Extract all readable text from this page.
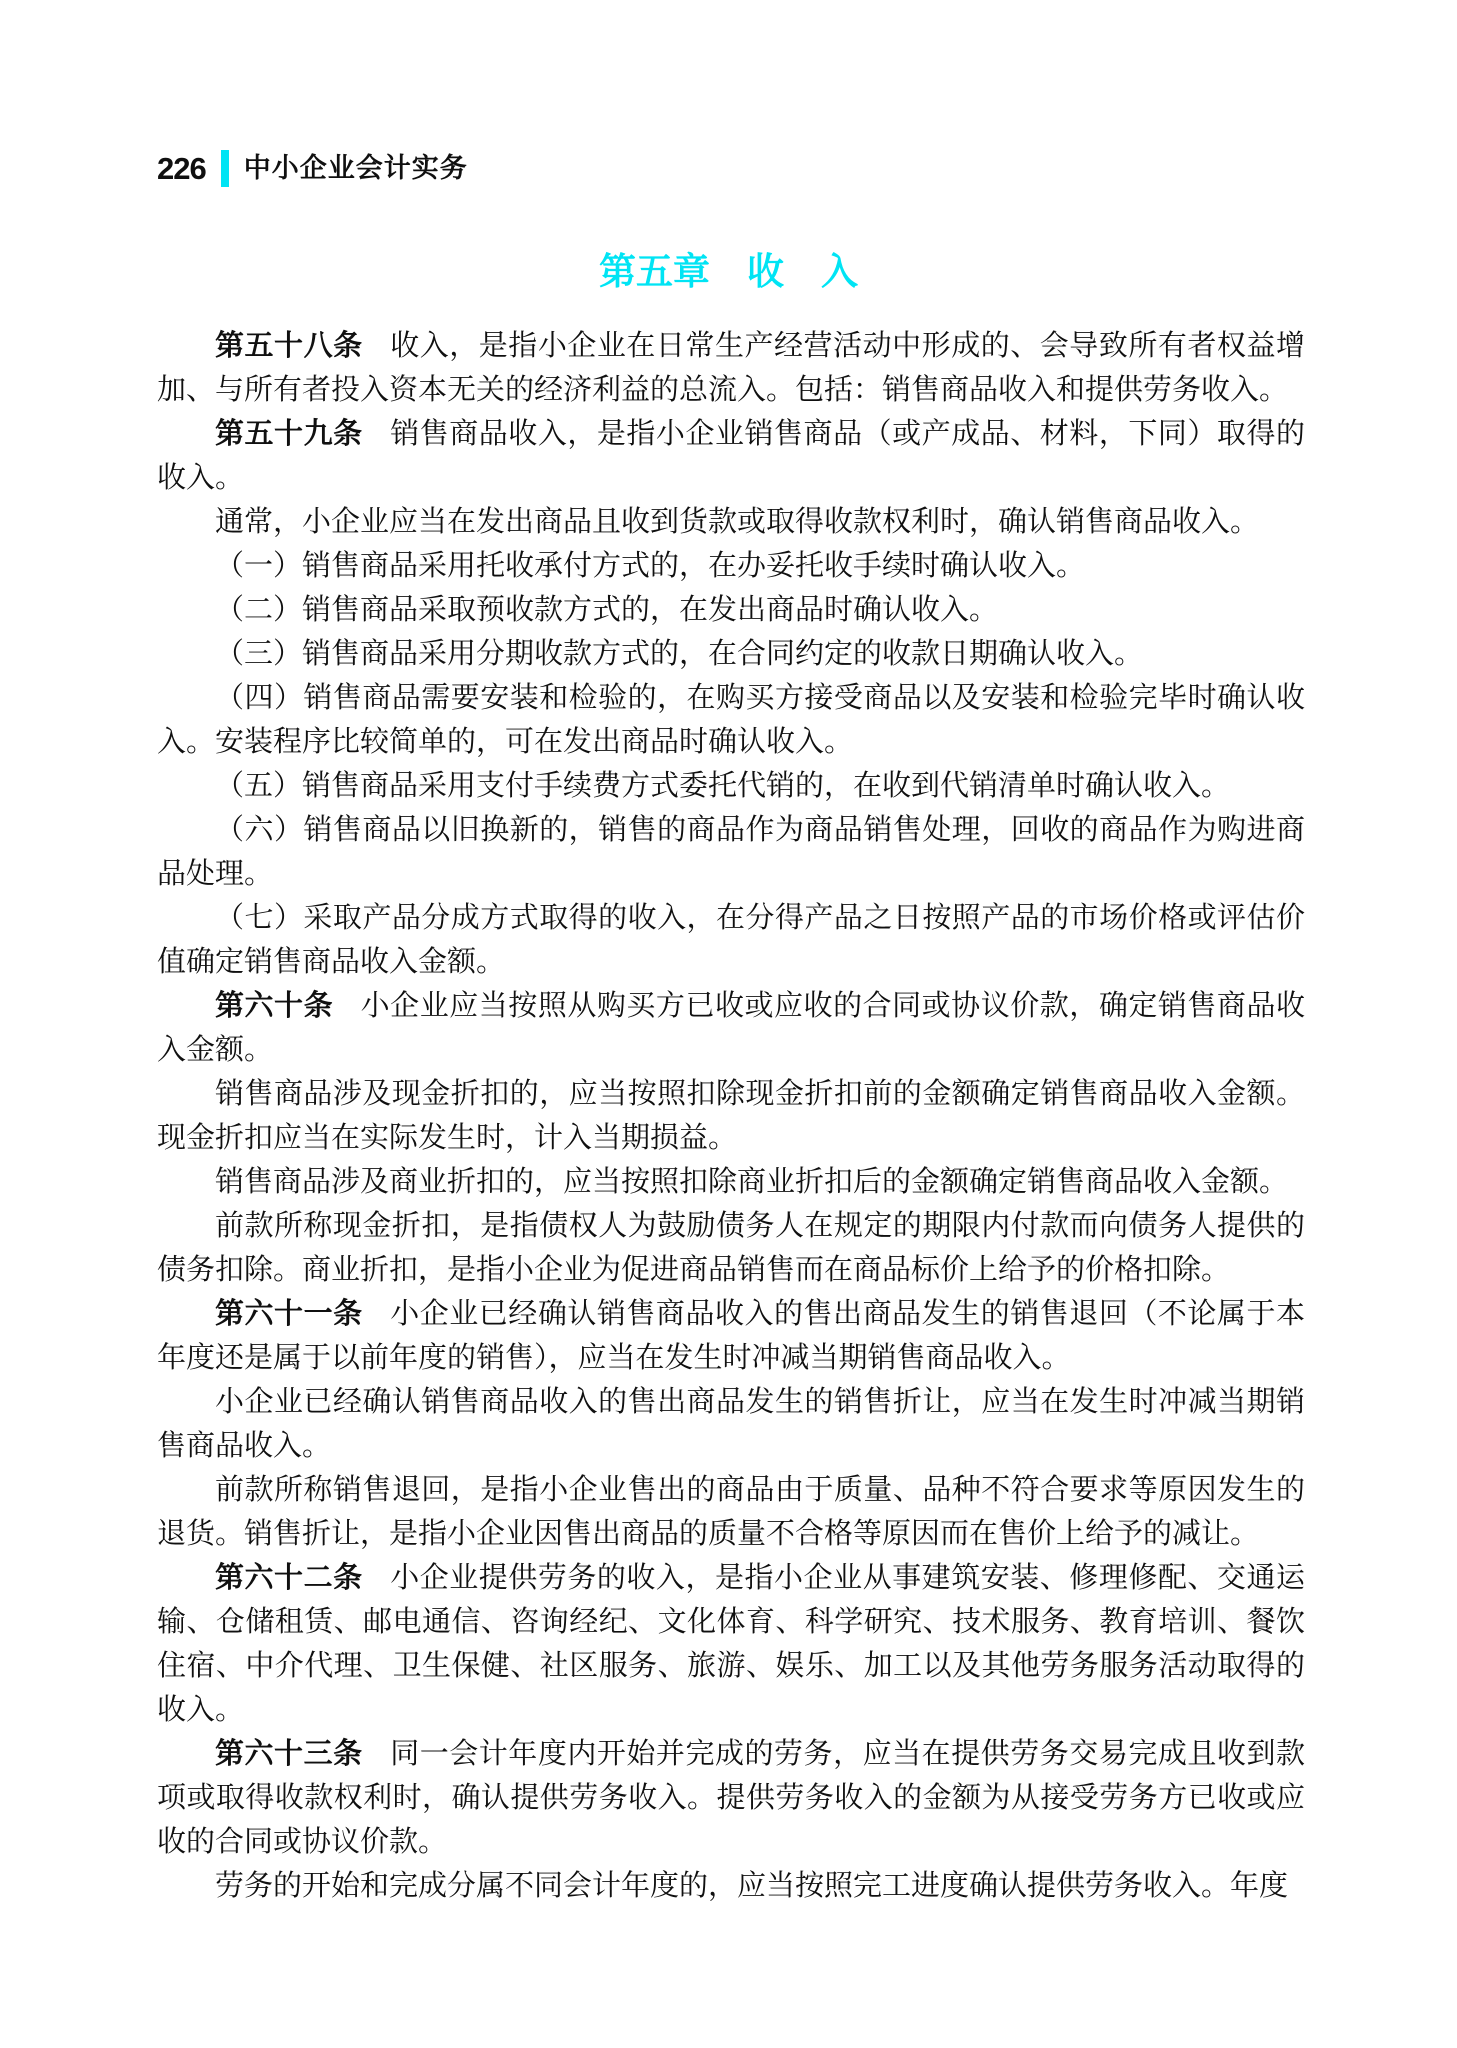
226 中小企业会计实务
第五章　收　入

第五十八条 收入，是指小企业在日常生产经营活动中形成的、会导致所有者权益增加、与所有者投入资本无关的经济利益的总流入。包括：销售商品收入和提供劳务收入。

第五十九条 销售商品收入，是指小企业销售商品（或产成品、材料，下同）取得的收入。

通常，小企业应当在发出商品且收到货款或取得收款权利时，确认销售商品收入。

（一）销售商品采用托收承付方式的，在办妥托收手续时确认收入。

（二）销售商品采取预收款方式的，在发出商品时确认收入。

（三）销售商品采用分期收款方式的，在合同约定的收款日期确认收入。

（四）销售商品需要安装和检验的，在购买方接受商品以及安装和检验完毕时确认收入。安装程序比较简单的，可在发出商品时确认收入。

（五）销售商品采用支付手续费方式委托代销的，在收到代销清单时确认收入。

（六）销售商品以旧换新的，销售的商品作为商品销售处理，回收的商品作为购进商品处理。

（七）采取产品分成方式取得的收入，在分得产品之日按照产品的市场价格或评估价值确定销售商品收入金额。

第六十条 小企业应当按照从购买方已收或应收的合同或协议价款，确定销售商品收入金额。

销售商品涉及现金折扣的，应当按照扣除现金折扣前的金额确定销售商品收入金额。现金折扣应当在实际发生时，计入当期损益。

销售商品涉及商业折扣的，应当按照扣除商业折扣后的金额确定销售商品收入金额。

前款所称现金折扣，是指债权人为鼓励债务人在规定的期限内付款而向债务人提供的债务扣除。商业折扣，是指小企业为促进商品销售而在商品标价上给予的价格扣除。

第六十一条 小企业已经确认销售商品收入的售出商品发生的销售退回（不论属于本年度还是属于以前年度的销售），应当在发生时冲减当期销售商品收入。

小企业已经确认销售商品收入的售出商品发生的销售折让，应当在发生时冲减当期销售商品收入。

前款所称销售退回，是指小企业售出的商品由于质量、品种不符合要求等原因发生的退货。销售折让，是指小企业因售出商品的质量不合格等原因而在售价上给予的减让。

第六十二条 小企业提供劳务的收入，是指小企业从事建筑安装、修理修配、交通运输、仓储租赁、邮电通信、咨询经纪、文化体育、科学研究、技术服务、教育培训、餐饮住宿、中介代理、卫生保健、社区服务、旅游、娱乐、加工以及其他劳务服务活动取得的收入。

第六十三条 同一会计年度内开始并完成的劳务，应当在提供劳务交易完成且收到款项或取得收款权利时，确认提供劳务收入。提供劳务收入的金额为从接受劳务方已收或应收的合同或协议价款。

劳务的开始和完成分属不同会计年度的，应当按照完工进度确认提供劳务收入。年度
